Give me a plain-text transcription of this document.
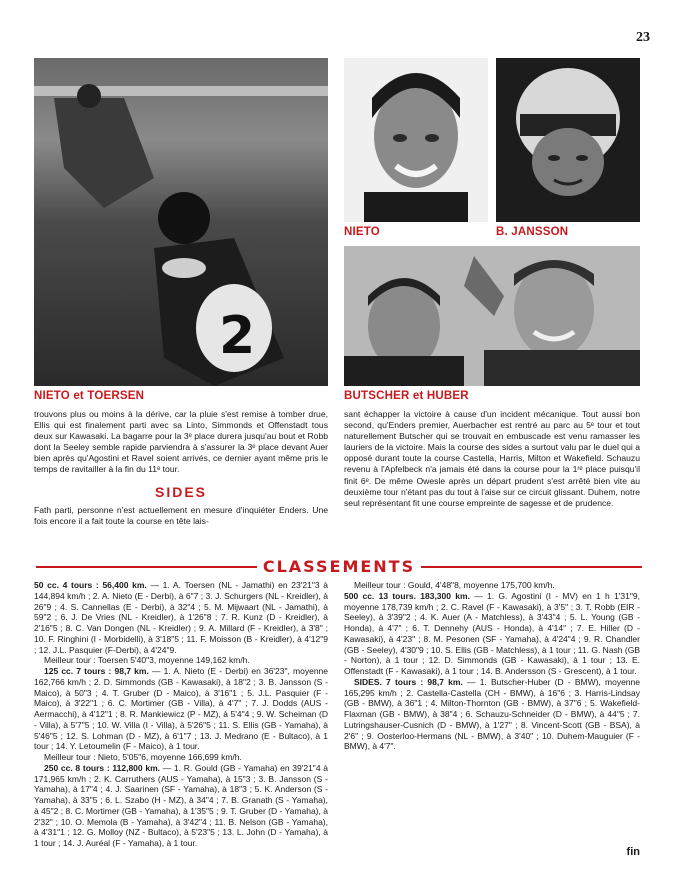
23
2
NIETO et TOERSEN
NIETO	B. JANSSON
BUTSCHER et HUBER

trouvons plus ou moins à la dérive, car la pluie s'est remise à tomber drue, Ellis qui est finalement parti avec sa Linto, Simmonds et Offenstadt tous deux sur Kawasaki. La bagarre pour la 3ᵉ place durera jusqu'au bout et Robb dont la Seeley semble rapide parviendra à s'assurer la 3ᵉ place devant Auer bien après qu'Agostini et Ravel soient arrivés, ce dernier ayant même pris le temps de ravitailler à la fin du 11ᵉ tour.

SIDES

Fath parti, personne n'est actuellement en mesure d'inquiéter Enders. Une fois encore il a fait toute la course en tête lais-

sant échapper la victoire à cause d'un incident mécanique. Tout aussi bon second, qu'Enders premier, Auerbacher est rentré au parc au 5ᵉ tour et tout naturellement Butscher qui se trouvait en embuscade est venu ramasser les lauriers de la victoire. Mais la course des sides a surtout valu par le duel qui a opposé durant toute la course Castella, Harris, Milton et Wakefield. Schauzu revenu à l'Apfelbeck n'a jamais été dans la course pour la 1ʳᵉ place puisqu'il finit 6ᵉ. De même Owesle après un départ prudent s'est arrêté bien vite au deuxième tour n'étant pas du tout à l'aise sur ce circuit glissant. Duhem, notre seul représentant fit une course empreinte de sagesse et de prudence.

CLASSEMENTS

50 cc. 4 tours : 56,400 km. — 1. A. Toersen (NL - Jamathi) en 23'21"3 à 144,894 km/h ; 2. A. Nieto (E - Derbi), à 6"7 ; 3. J. Schurgers (NL - Kreidler), à 26"9 ; 4. S. Cannellas (E - Derbi), à 32"4 ; 5. M. Mijwaart (NL - Jamathi), à 59"2 ; 6. J. De Vries (NL - Kreidler), à 1'26"8 ; 7. R. Kunz (D - Kreidler), à 2'16"5 ; 8. C. Van Dongen (NL - Kreidler) ; 9. A. Millard (F - Kreidler), à 3'8" ; 10. F. Ringhini (I - Morbidelli), à 3'18"5 ; 11. F. Moisson (B - Kreidler), à 4'12"9 ; 12. J.L. Pasquier (F-Derbi), à 4'24"9.

Meilleur tour : Toersen 5'40"3, moyenne 149,162 km/h.

125 cc. 7 tours : 98,7 km. — 1. A. Nieto (E - Derbi) en 36'23", moyenne 162,766 km/h ; 2. D. Simmonds (GB - Kawasaki), à 18"2 ; 3. B. Jansson (S - Maico), à 50"3 ; 4. T. Gruber (D - Maico), à 3'16"1 ; 5. J.L. Pasquier (F - Maico), à 3'22"1 ; 6. C. Mortimer (GB - Villa), à 4'7" ; 7. J. Dodds (AUS - Aermacchi), à 4'12"1 ; 8. R. Mankiewicz (P - MZ), à 5'4"4 ; 9. W. Scheiman (D - Villa), à 5'7"5 ; 10. W. Villa (I - Villa), à 5'26"5 ; 11. S. Ellis (GB - Yamaha), à 5'46"5 ; 12. S. Lohman (D - MZ), à 6'1"7 ; 13. J. Medrano (E - Bultaco), à 1 tour ; 14. Y. Letoumelin (F - Maico), à 1 tour.

Meilleur tour : Nieto, 5'05"6, moyenne 166,699 km/h.

250 cc. 8 tours : 112,800 km. — 1. R. Gould (GB - Yamaha) en 39'21"4 à 171,965 km/h ; 2. K. Carruthers (AUS - Yamaha), à 15"3 ; 3. B. Jansson (S - Yamaha), à 17"4 ; 4. J. Saarinen (SF - Yamaha), à 18"3 ; 5. K. Anderson (S - Yamaha), à 33"5 ; 6. L. Szabo (H - MZ), à 34"4 ; 7. B. Granath (S - Yamaha), à 45"2 ; 8. C. Mortimer (GB - Yamaha), à 1'35"5 ; 9. T. Gruber (D - Yamaha), à 2'32" ; 10. O. Memola (B - Yamaha), à 3'42"4 ; 11. B. Nelson (GB - Yamaha), à 4'31"1 ; 12. G. Molloy (NZ - Bultaco), à 5'23"5 ; 13. L. John (D - Yamaha), à 1 tour ; 14. J. Auréal (F - Yamaha), à 1 tour.

Meilleur tour : Gould, 4'48"8, moyenne 175,700 km/h.

500 cc. 13 tours. 183,300 km. — 1. G. Agostini (I - MV) en 1 h 1'31"9, moyenne 178,739 km/h ; 2. C. Ravel (F - Kawasaki), à 3'5" ; 3. T. Robb (EIR - Seeley), à 3'39"2 ; 4. K. Auer (A - Matchless), à 3'43"4 ; 5. L. Young (GB - Honda), à 4'7" ; 6. T. Dennehy (AUS - Honda), à 4'14" ; 7. E. Hiller (D - Kawasaki), à 4'23" ; 8. M. Pesonen (SF - Yamaha), à 4'24"4 ; 9. R. Chandler (GB - Seeley), 4'30"9 ; 10. S. Ellis (GB - Matchless), à 1 tour ; 11. G. Nash (GB - Norton), à 1 tour ; 12. D. Simmonds (GB - Kawasaki), à 1 tour ; 13. E. Offenstadt (F - Kawasaki), à 1 tour ; 14. B. Andersson (S - Grescent), à 1 tour.

SIDES. 7 tours : 98,7 km. — 1. Butscher-Huber (D - BMW), moyenne 165,295 km/h ; 2. Castella-Castella (CH - BMW), à 16"6 ; 3. Harris-Lindsay (GB - BMW), à 36"1 ; 4. Milton-Thornton (GB - BMW), à 37"6 ; 5. Wakefield-Flaxman (GB - BMW), à 38"4 ; 6. Schauzu-Schneider (D - BMW), à 44"5 ; 7. Lutringshauser-Cusnich (D - BMW), à 1'27" ; 8. Vincent-Scott (GB - BSA), à 2'6" ; 9. Oosterloo-Hermans (NL - BMW), à 3'40" ; 10. Duhem-Mauguier (F - BMW), à 4'7".

fin
